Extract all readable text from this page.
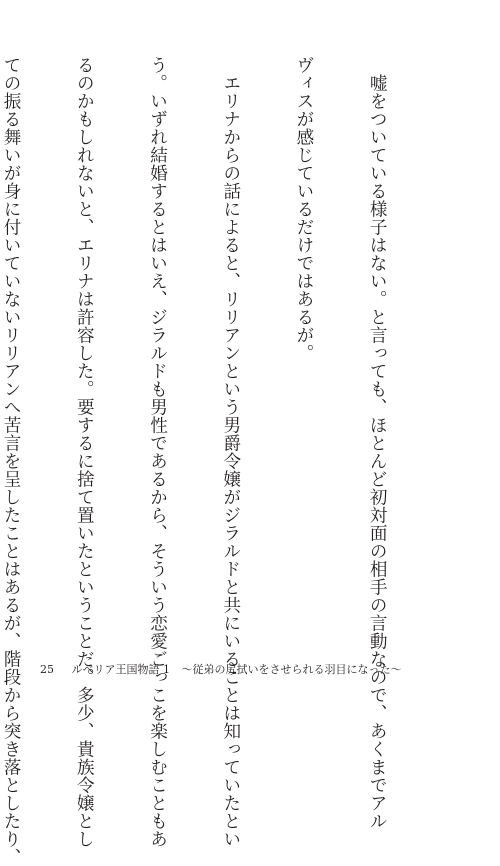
　嘘をついている様子はない。と言っても、ほとんど初対面の相手の言動なので、あくまでアル

ヴィスが感じているだけではあるが。

　エリナからの話によると、リリアンという男爵令嬢がジラルドと共にいることは知っていたとい

う。いずれ結婚するとはいえ、ジラルドも男性であるから、そういう恋愛ごっこを楽しむこともあ

るのかもしれないと、エリナは許容した。要するに捨て置いたということだ。多少、貴族令嬢とし

ての振る舞いが身に付いていないリリアンへ苦言を呈したことはあるが、階段から突き落としたり、

25 ルベリア王国物語 1 〜従弟の尻拭いをさせられる羽目になった〜
